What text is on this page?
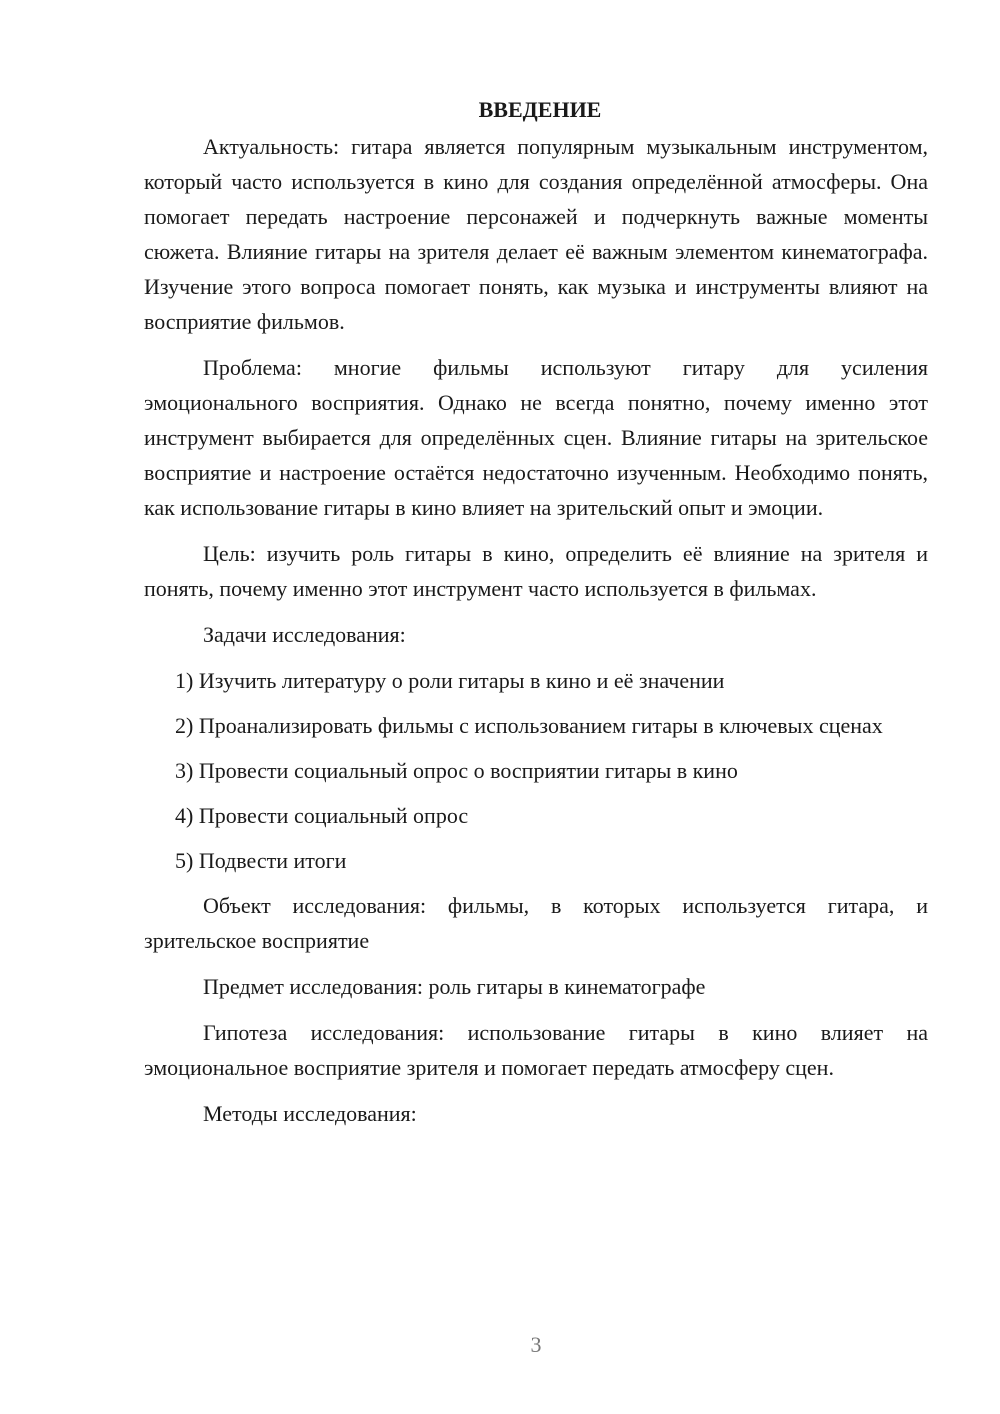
ВВЕДЕНИЕ

Актуальность: гитара является популярным музыкальным инструментом, который часто используется в кино для создания определённой атмосферы. Она помогает передать настроение персонажей и подчеркнуть важные моменты сюжета. Влияние гитары на зрителя делает её важным элементом кинематографа. Изучение этого вопроса помогает понять, как музыка и инструменты влияют на восприятие фильмов.

Проблема: многие фильмы используют гитару для усиления эмоционального восприятия. Однако не всегда понятно, почему именно этот инструмент выбирается для определённых сцен. Влияние гитары на зрительское восприятие и настроение остаётся недостаточно изученным. Необходимо понять, как использование гитары в кино влияет на зрительский опыт и эмоции.

Цель: изучить роль гитары в кино, определить её влияние на зрителя и понять, почему именно этот инструмент часто используется в фильмах.

Задачи исследования:

1) Изучить литературу о роли гитары в кино и её значении

2) Проанализировать фильмы с использованием гитары в ключевых сценах

3) Провести социальный опрос о восприятии гитары в кино

4) Провести социальный опрос

5) Подвести итоги

Объект исследования: фильмы, в которых используется гитара, и зрительское восприятие

Предмет исследования: роль гитары в кинематографе

Гипотеза исследования: использование гитары в кино влияет на эмоциональное восприятие зрителя и помогает передать атмосферу сцен.

Методы исследования:

3
